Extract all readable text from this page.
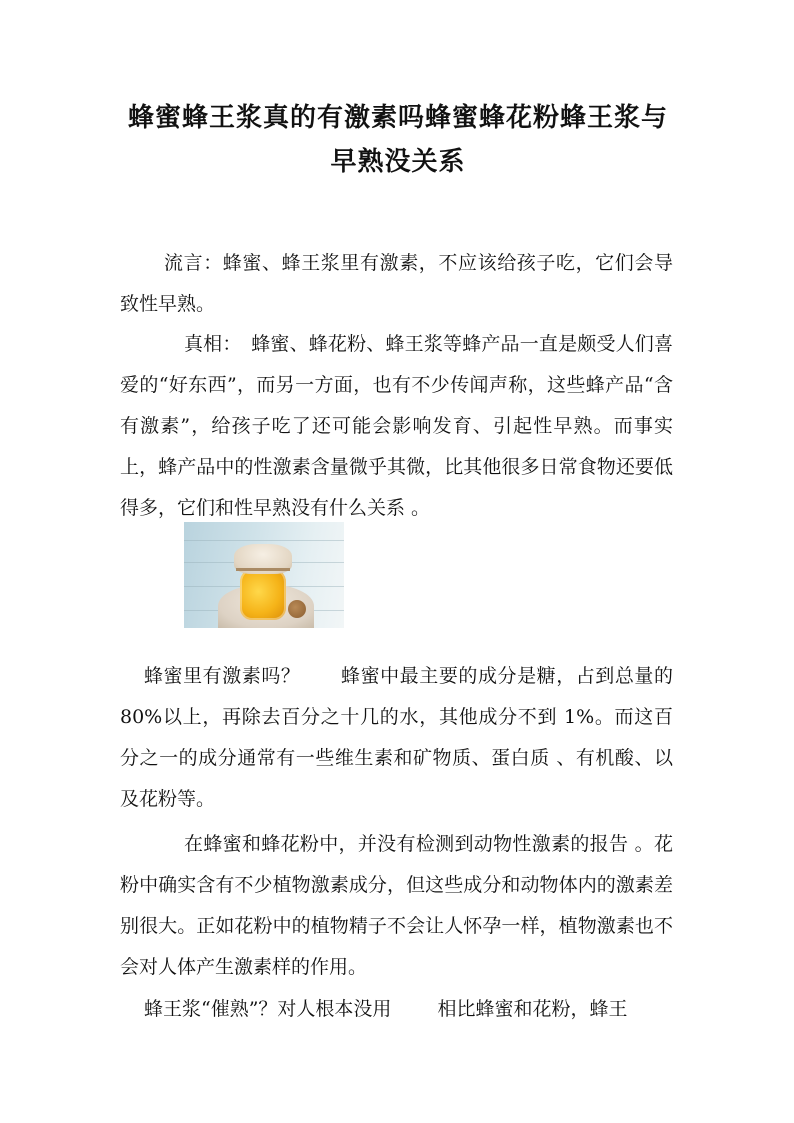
蜂蜜蜂王浆真的有激素吗蜂蜜蜂花粉蜂王浆与早熟没关系

流言：蜂蜜、蜂王浆里有激素，不应该给孩子吃，它们会导致性早熟。

真相：　蜂蜜、蜂花粉、蜂王浆等蜂产品一直是颇受人们喜爱的“好东西”，而另一方面，也有不少传闻声称，这些蜂产品“含有激素”，给孩子吃了还可能会影响发育、引起性早熟。而事实上，蜂产品中的性激素含量微乎其微，比其他很多日常食物还要低得多，它们和性早熟没有什么关系 。

蜂蜜里有激素吗？ 蜂蜜中最主要的成分是糖，占到总量的 80%以上，再除去百分之十几的水，其他成分不到 1%。而这百分之一的成分通常有一些维生素和矿物质、蛋白质 、有机酸、以及花粉等。

在蜂蜜和蜂花粉中，并没有检测到动物性激素的报告 。花粉中确实含有不少植物激素成分，但这些成分和动物体内的激素差别很大。正如花粉中的植物精子不会让人怀孕一样，植物激素也不会对人体产生激素样的作用。

蜂王浆“催熟”？对人根本没用 相比蜂蜜和花粉，蜂王
